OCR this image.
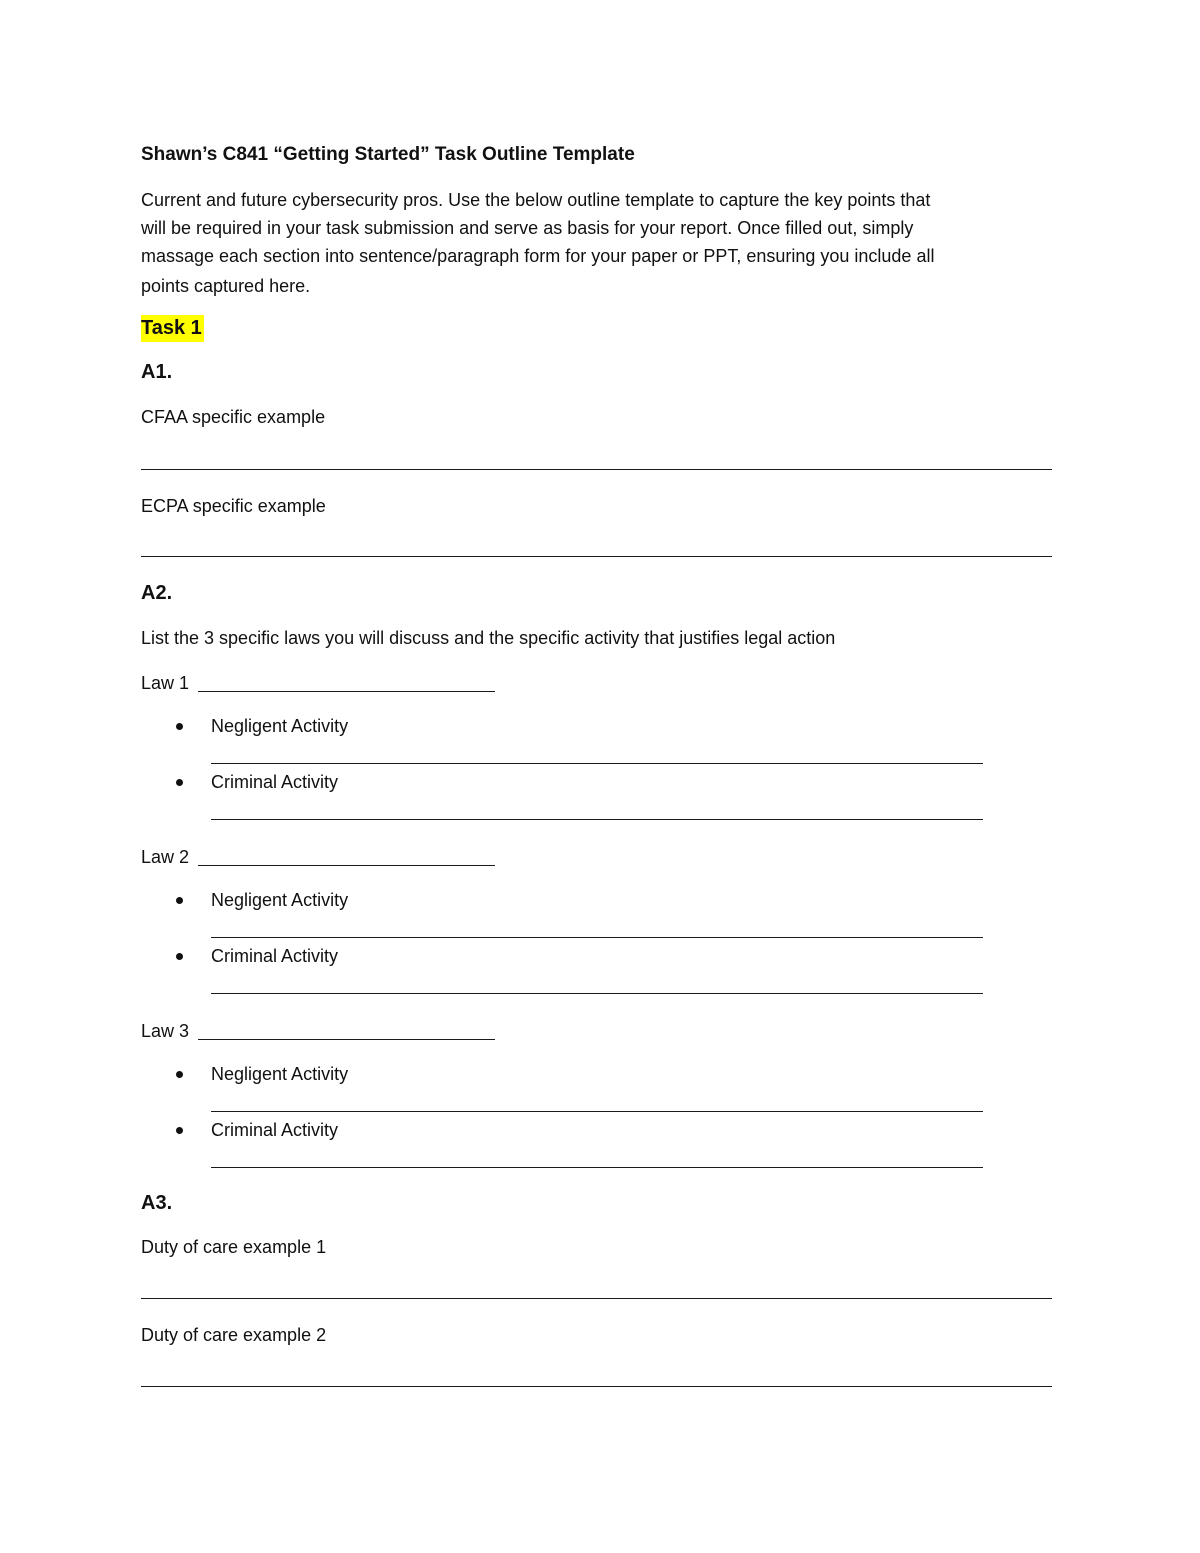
Shawn’s C841 “Getting Started” Task Outline Template
Current and future cybersecurity pros. Use the below outline template to capture the key points that
will be required in your task submission and serve as basis for your report. Once filled out, simply
massage each section into sentence/paragraph form for your paper or PPT, ensuring you include all
points captured here.
Task 1
A1.
CFAA specific example
ECPA specific example
A2.
List the 3 specific laws you will discuss and the specific activity that justifies legal action
Law 1
Negligent Activity
Criminal Activity
Law 2
Negligent Activity
Criminal Activity
Law 3
Negligent Activity
Criminal Activity
A3.
Duty of care example 1
Duty of care example 2
